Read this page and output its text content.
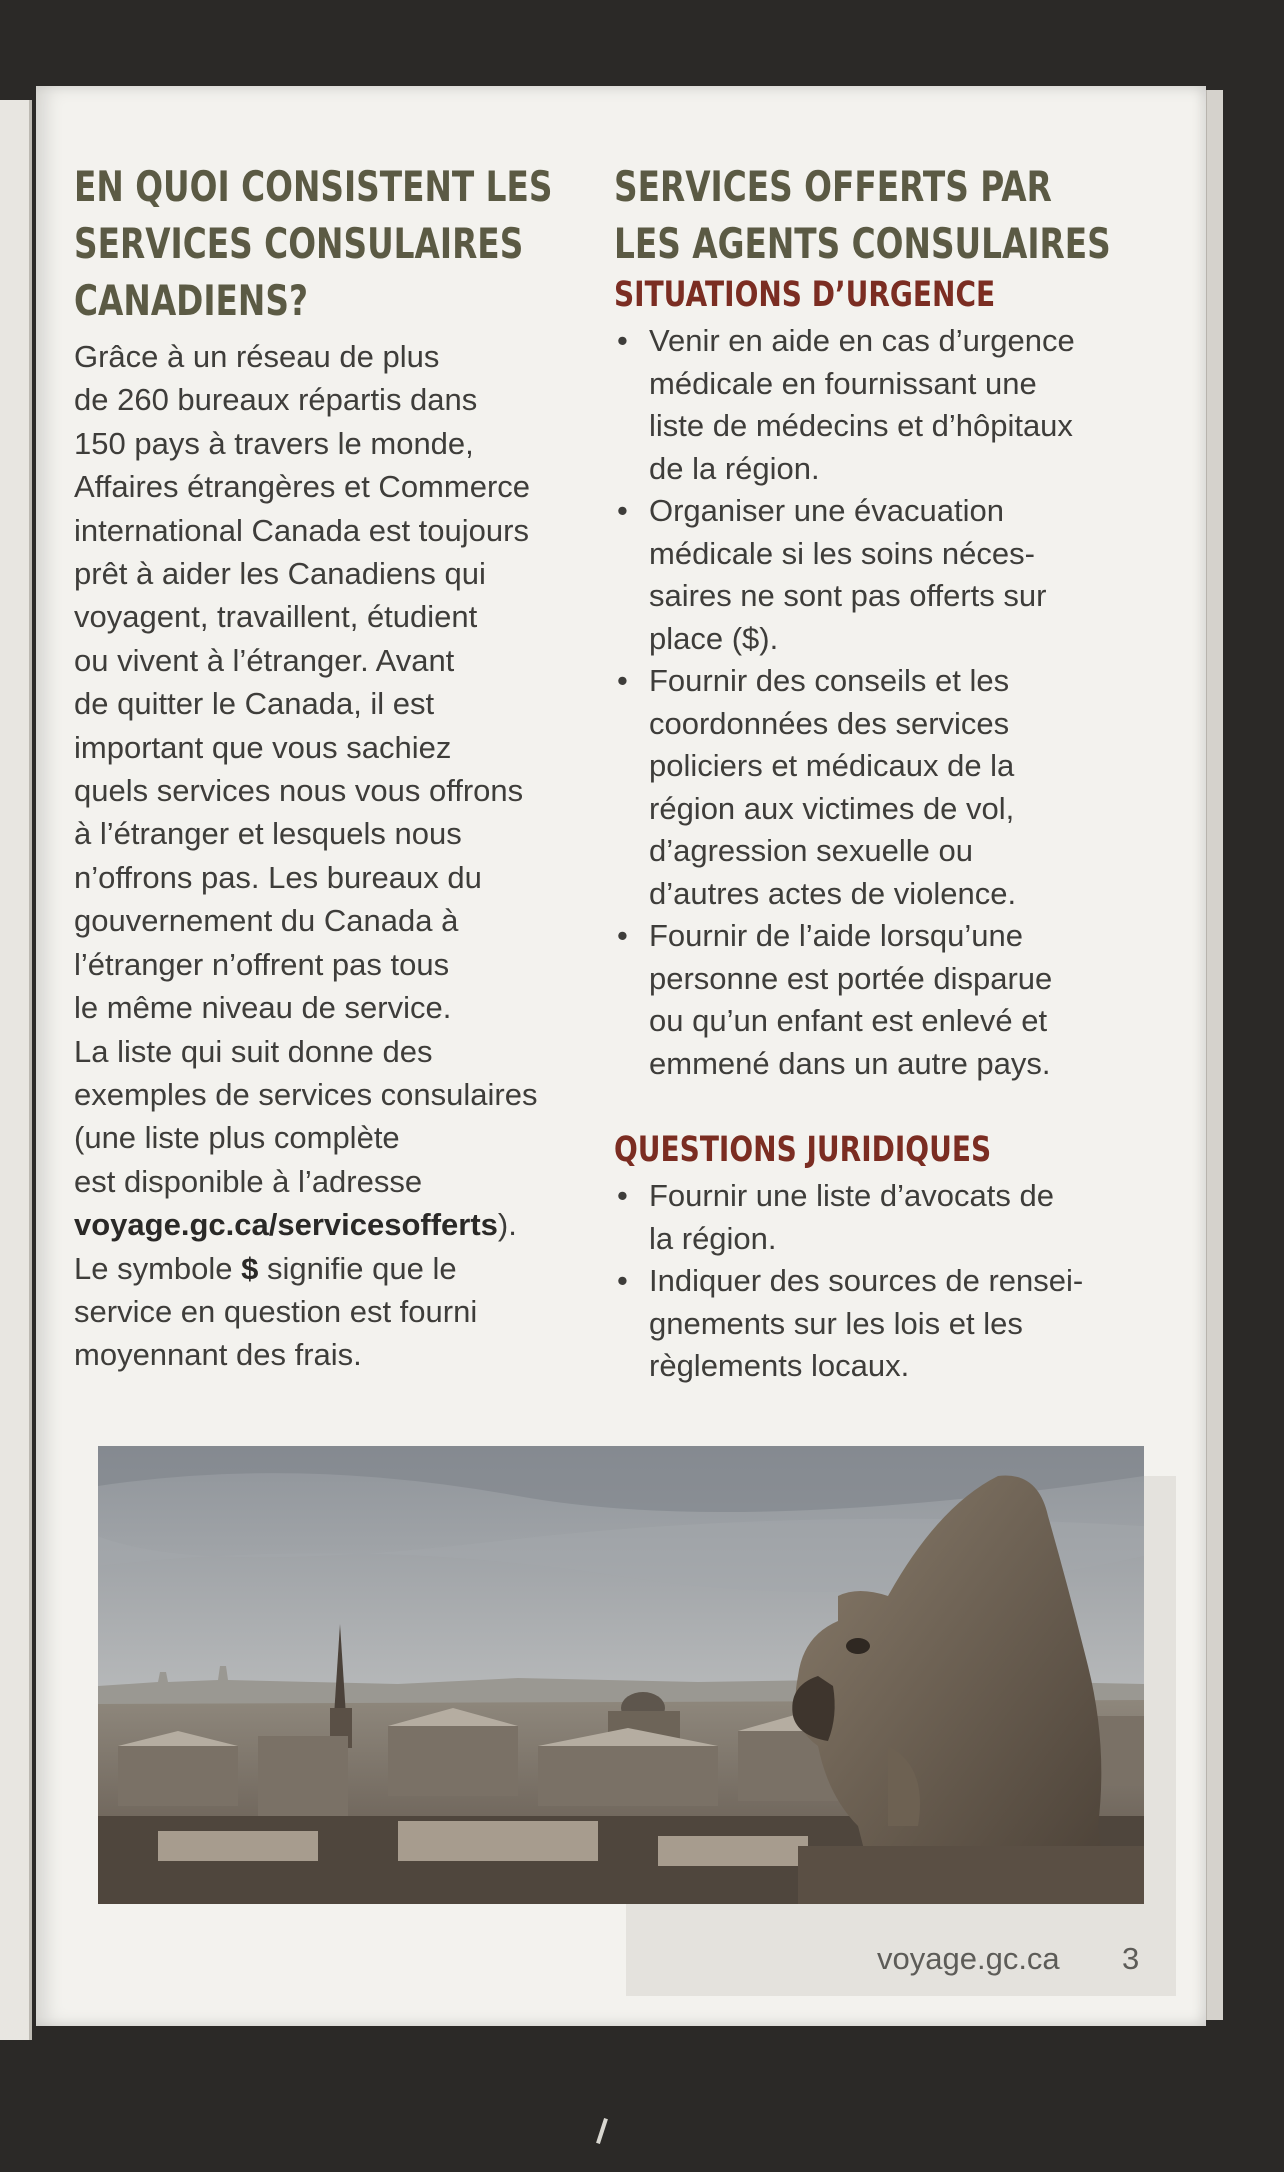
EN QUOI CONSISTENT LES
SERVICES CONSULAIRES
CANADIENS?

Grâce à un réseau de plus

de 260 bureaux répartis dans

150 pays à travers le monde,

Affaires étrangères et Commerce

international Canada est toujours

prêt à aider les Canadiens qui

voyagent, travaillent, étudient

ou vivent à l’étranger. Avant

de quitter le Canada, il est

important que vous sachiez

quels services nous vous offrons

à l’étranger et lesquels nous

n’offrons pas. Les bureaux du

gouvernement du Canada à

l’étranger n’offrent pas tous

le même niveau de service.

La liste qui suit donne des

exemples de services consulaires

(une liste plus complète

est disponible à l’adresse

voyage.gc.ca/servicesofferts).

Le symbole $ signifie que le

service en question est fourni

moyennant des frais.

SERVICES OFFERTS PAR
LES AGENTS CONSULAIRES
SITUATIONS D’URGENCE
• Venir en aide en cas d’urgence
médicale en fournissant une
liste de médecins et d’hôpitaux
de la région.
• Organiser une évacuation
médicale si les soins néces-
saires ne sont pas offerts sur
place ($).
• Fournir des conseils et les
coordonnées des services
policiers et médicaux de la
région aux victimes de vol,
d’agression sexuelle ou
d’autres actes de violence.
• Fournir de l’aide lorsqu’une
personne est portée disparue
ou qu’un enfant est enlevé et
emmené dans un autre pays.
QUESTIONS JURIDIQUES
• Fournir une liste d’avocats de
la région.
• Indiquer des sources de rensei-
gnements sur les lois et les
règlements locaux.
voyage.gc.ca 3
